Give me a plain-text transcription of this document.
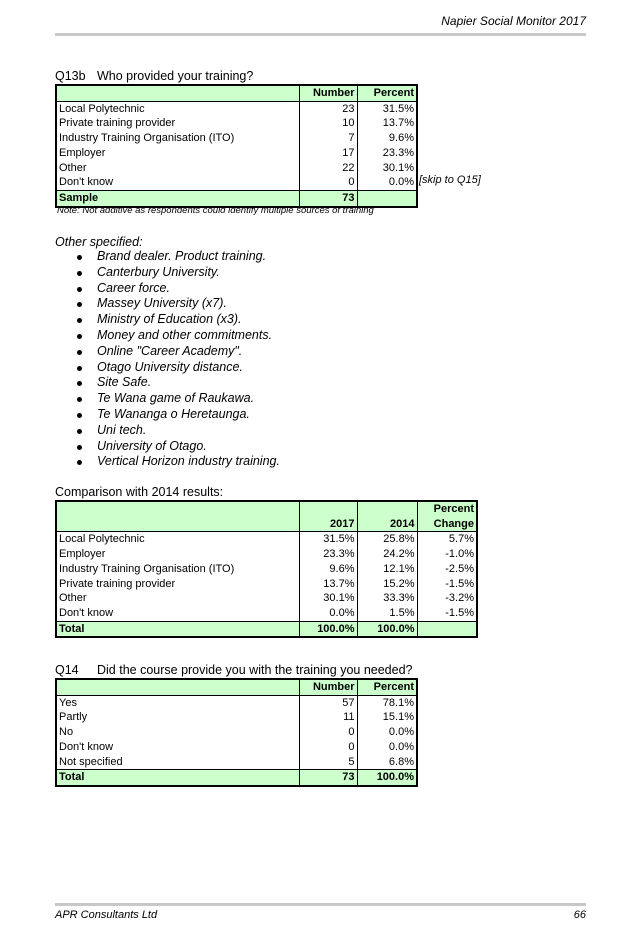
Napier Social Monitor 2017
Q13b Who provided your training?
	Number	Percent
Local Polytechnic	23	31.5%
Private training provider	10	13.7%
Industry Training Organisation (ITO)	7	9.6%
Employer	17	23.3%
Other	22	30.1%
Don't know	0	0.0%
Sample	73	
[skip to Q15]
Note: Not additive as respondents could identify multiple sources of training
Other specified:
Brand dealer. Product training.
Canterbury University.
Career force.
Massey University (x7).
Ministry of Education (x3).
Money and other commitments.
Online "Career Academy".
Otago University distance.
Site Safe.
Te Wana game of Raukawa.
Te Wananga o Heretaunga.
Uni tech.
University of Otago.
Vertical Horizon industry training.
Comparison with 2014 results:
			Percent
	2017	2014	Change
Local Polytechnic	31.5%	25.8%	5.7%
Employer	23.3%	24.2%	-1.0%
Industry Training Organisation (ITO)	9.6%	12.1%	-2.5%
Private training provider	13.7%	15.2%	-1.5%
Other	30.1%	33.3%	-3.2%
Don't know	0.0%	1.5%	-1.5%
Total	100.0%	100.0%	
Q14 Did the course provide you with the training you needed?
	Number	Percent
Yes	57	78.1%
Partly	11	15.1%
No	0	0.0%
Don't know	0	0.0%
Not specified	5	6.8%
Total	73	100.0%
APR Consultants Ltd	66
